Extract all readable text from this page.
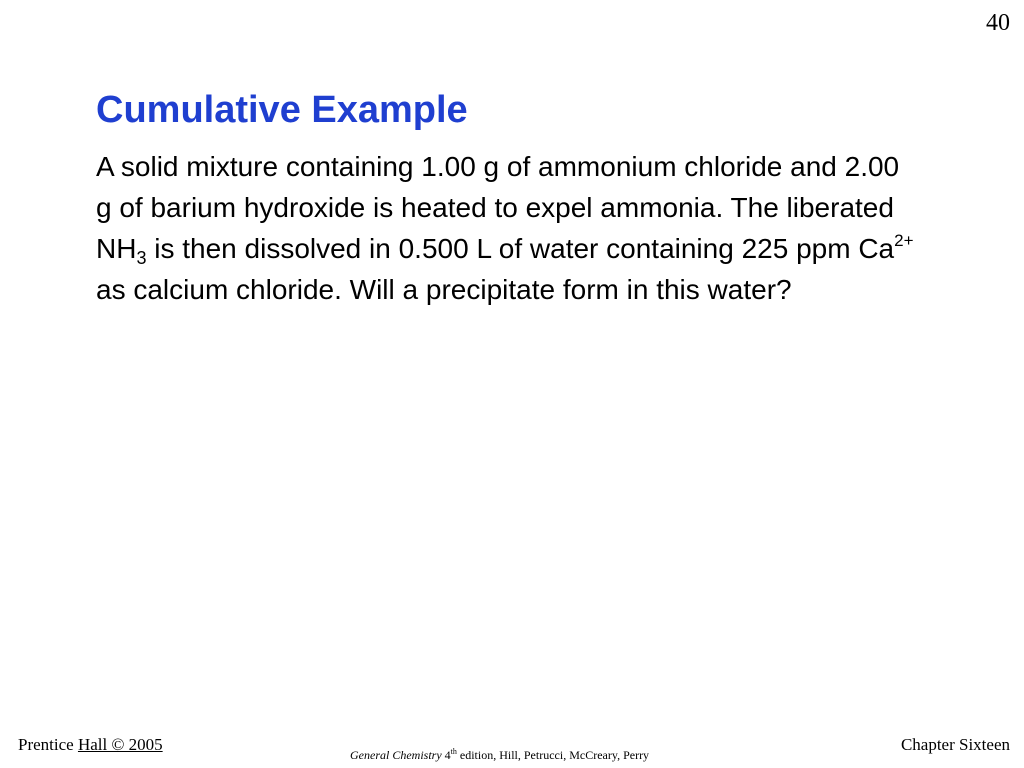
40
Cumulative Example

A solid mixture containing 1.00 g of ammonium chloride and 2.00 g of barium hydroxide is heated to expel ammonia. The liberated $NH_3$ is then dissolved in 0.500 L of water containing 225 ppm $Ca^{2+}$ as calcium chloride. Will a precipitate form in this water?

Prentice Hall © 2005
General Chemistry 4th edition, Hill, Petrucci, McCreary, Perry
Chapter Sixteen
